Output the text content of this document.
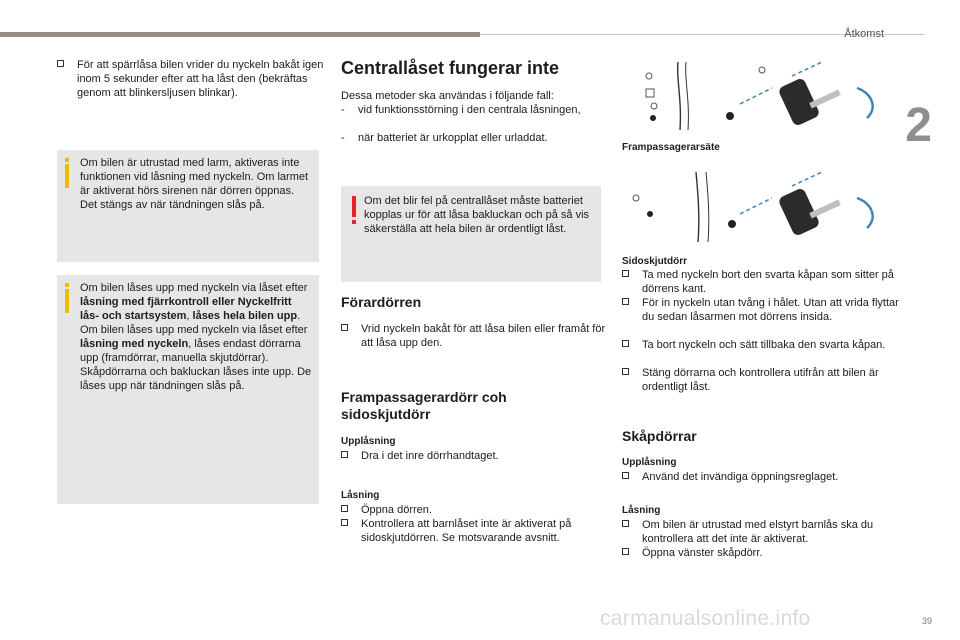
Åtkomst
2
För att spärrlåsa bilen vrider du nyckeln bakåt igen inom 5 sekunder efter att ha låst den (bekräftas genom att blinkersljusen blinkar).
Om bilen är utrustad med larm, aktiveras inte funktionen vid låsning med nyckeln. Om larmet är aktiverat hörs sirenen när dörren öppnas. Det stängs av när tändningen slås på.
Om bilen låses upp med nyckeln via låset efter låsning med fjärrkontroll eller Nyckelfritt lås- och startsystem, låses hela bilen upp.
Om bilen låses upp med nyckeln via låset efter låsning med nyckeln, låses endast dörrarna upp (framdörrar, manuella skjutdörrar). Skåpdörrarna och bakluckan låses inte upp. De låses upp när tändningen slås på.
Centrallåset fungerar inte
Dessa metoder ska användas i följande fall:
- vid funktionsstörning i den centrala låsningen,
- när batteriet är urkopplat eller urladdat.
Om det blir fel på centrallåset måste batteriet kopplas ur för att låsa bakluckan och på så vis säkerställa att hela bilen är ordentligt låst.
Förardörren
Vrid nyckeln bakåt för att låsa bilen eller framåt för att låsa upp den.
Frampassagerardörr coh sidoskjutdörr
Upplåsning
Dra i det inre dörrhandtaget.
Låsning
Öppna dörren.
Kontrollera att barnlåset inte är aktiverat på sidoskjutdörren. Se motsvarande avsnitt.
Frampassagerarsäte
Sidoskjutdörr
Ta med nyckeln bort den svarta kåpan som sitter på dörrens kant.
För in nyckeln utan tvång i hålet. Utan att vrida flyttar du sedan låsarmen mot dörrens insida.
Ta bort nyckeln och sätt tillbaka den svarta kåpan.
Stäng dörrarna och kontrollera utifrån att bilen är ordentligt låst.
Skåpdörrar
Upplåsning
Använd det invändiga öppningsreglaget.
Låsning
Om bilen är utrustad med elstyrt barnlås ska du kontrollera att det inte är aktiverat.
Öppna vänster skåpdörr.
carmanualsonline.info	39
